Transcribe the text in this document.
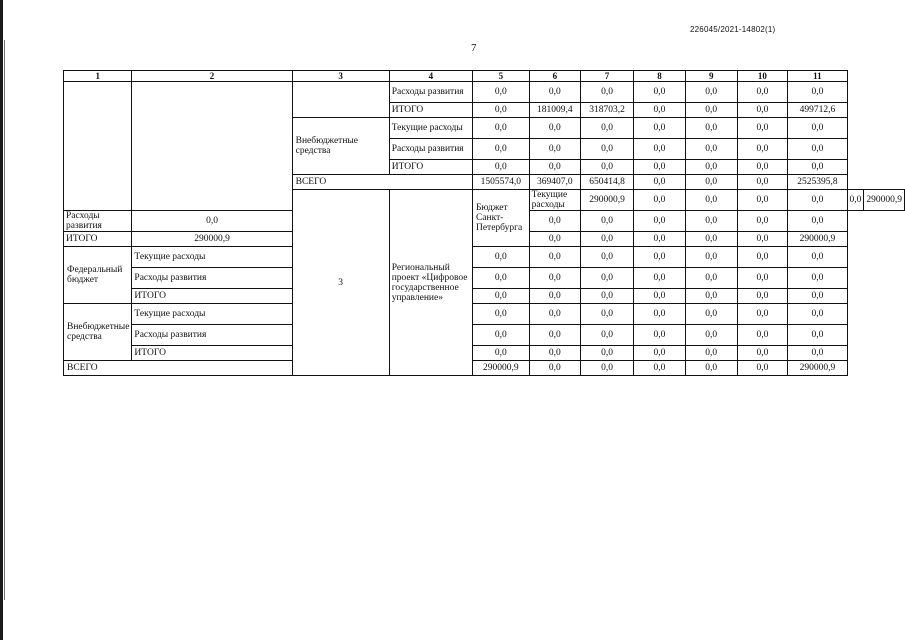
226045/2021-14802(1)
7
1	2	3	4	5	6	7	8	9	10	11		
			Расходы развития	0,0	0,0	0,0	0,0	0,0	0,0	0,0		
			ИТОГО	0,0	181009,4	318703,2	0,0	0,0	0,0	499712,6		
		Внебюджетные средства	Текущие расходы	0,0	0,0	0,0	0,0	0,0	0,0	0,0		
			Расходы развития	0,0	0,0	0,0	0,0	0,0	0,0	0,0		
			ИТОГО	0,0	0,0	0,0	0,0	0,0	0,0	0,0		
		ВСЕГО		1505574,0	369407,0	650414,8	0,0	0,0	0,0	2525395,8		
		3	Региональный проект «Цифровое государственное управление»	Бюджет Санкт-Петербурга	Текущие расходы	290000,9	0,0	0,0	0,0	0,0	0,0	290000,9
Расходы развития	0,0				0,0	0,0	0,0	0,0	0,0	0,0		
ИТОГО	290000,9				0,0	0,0	0,0	0,0	0,0	290000,9		
Федеральный бюджет	Текущие расходы			0,0	0,0	0,0	0,0	0,0	0,0	0,0		
	Расходы развития			0,0	0,0	0,0	0,0	0,0	0,0	0,0		
	ИТОГО			0,0	0,0	0,0	0,0	0,0	0,0	0,0		
Внебюджетные средства	Текущие расходы			0,0	0,0	0,0	0,0	0,0	0,0	0,0		
	Расходы развития			0,0	0,0	0,0	0,0	0,0	0,0	0,0		
	ИТОГО			0,0	0,0	0,0	0,0	0,0	0,0	0,0		
ВСЕГО				290000,9	0,0	0,0	0,0	0,0	0,0	290000,9		
